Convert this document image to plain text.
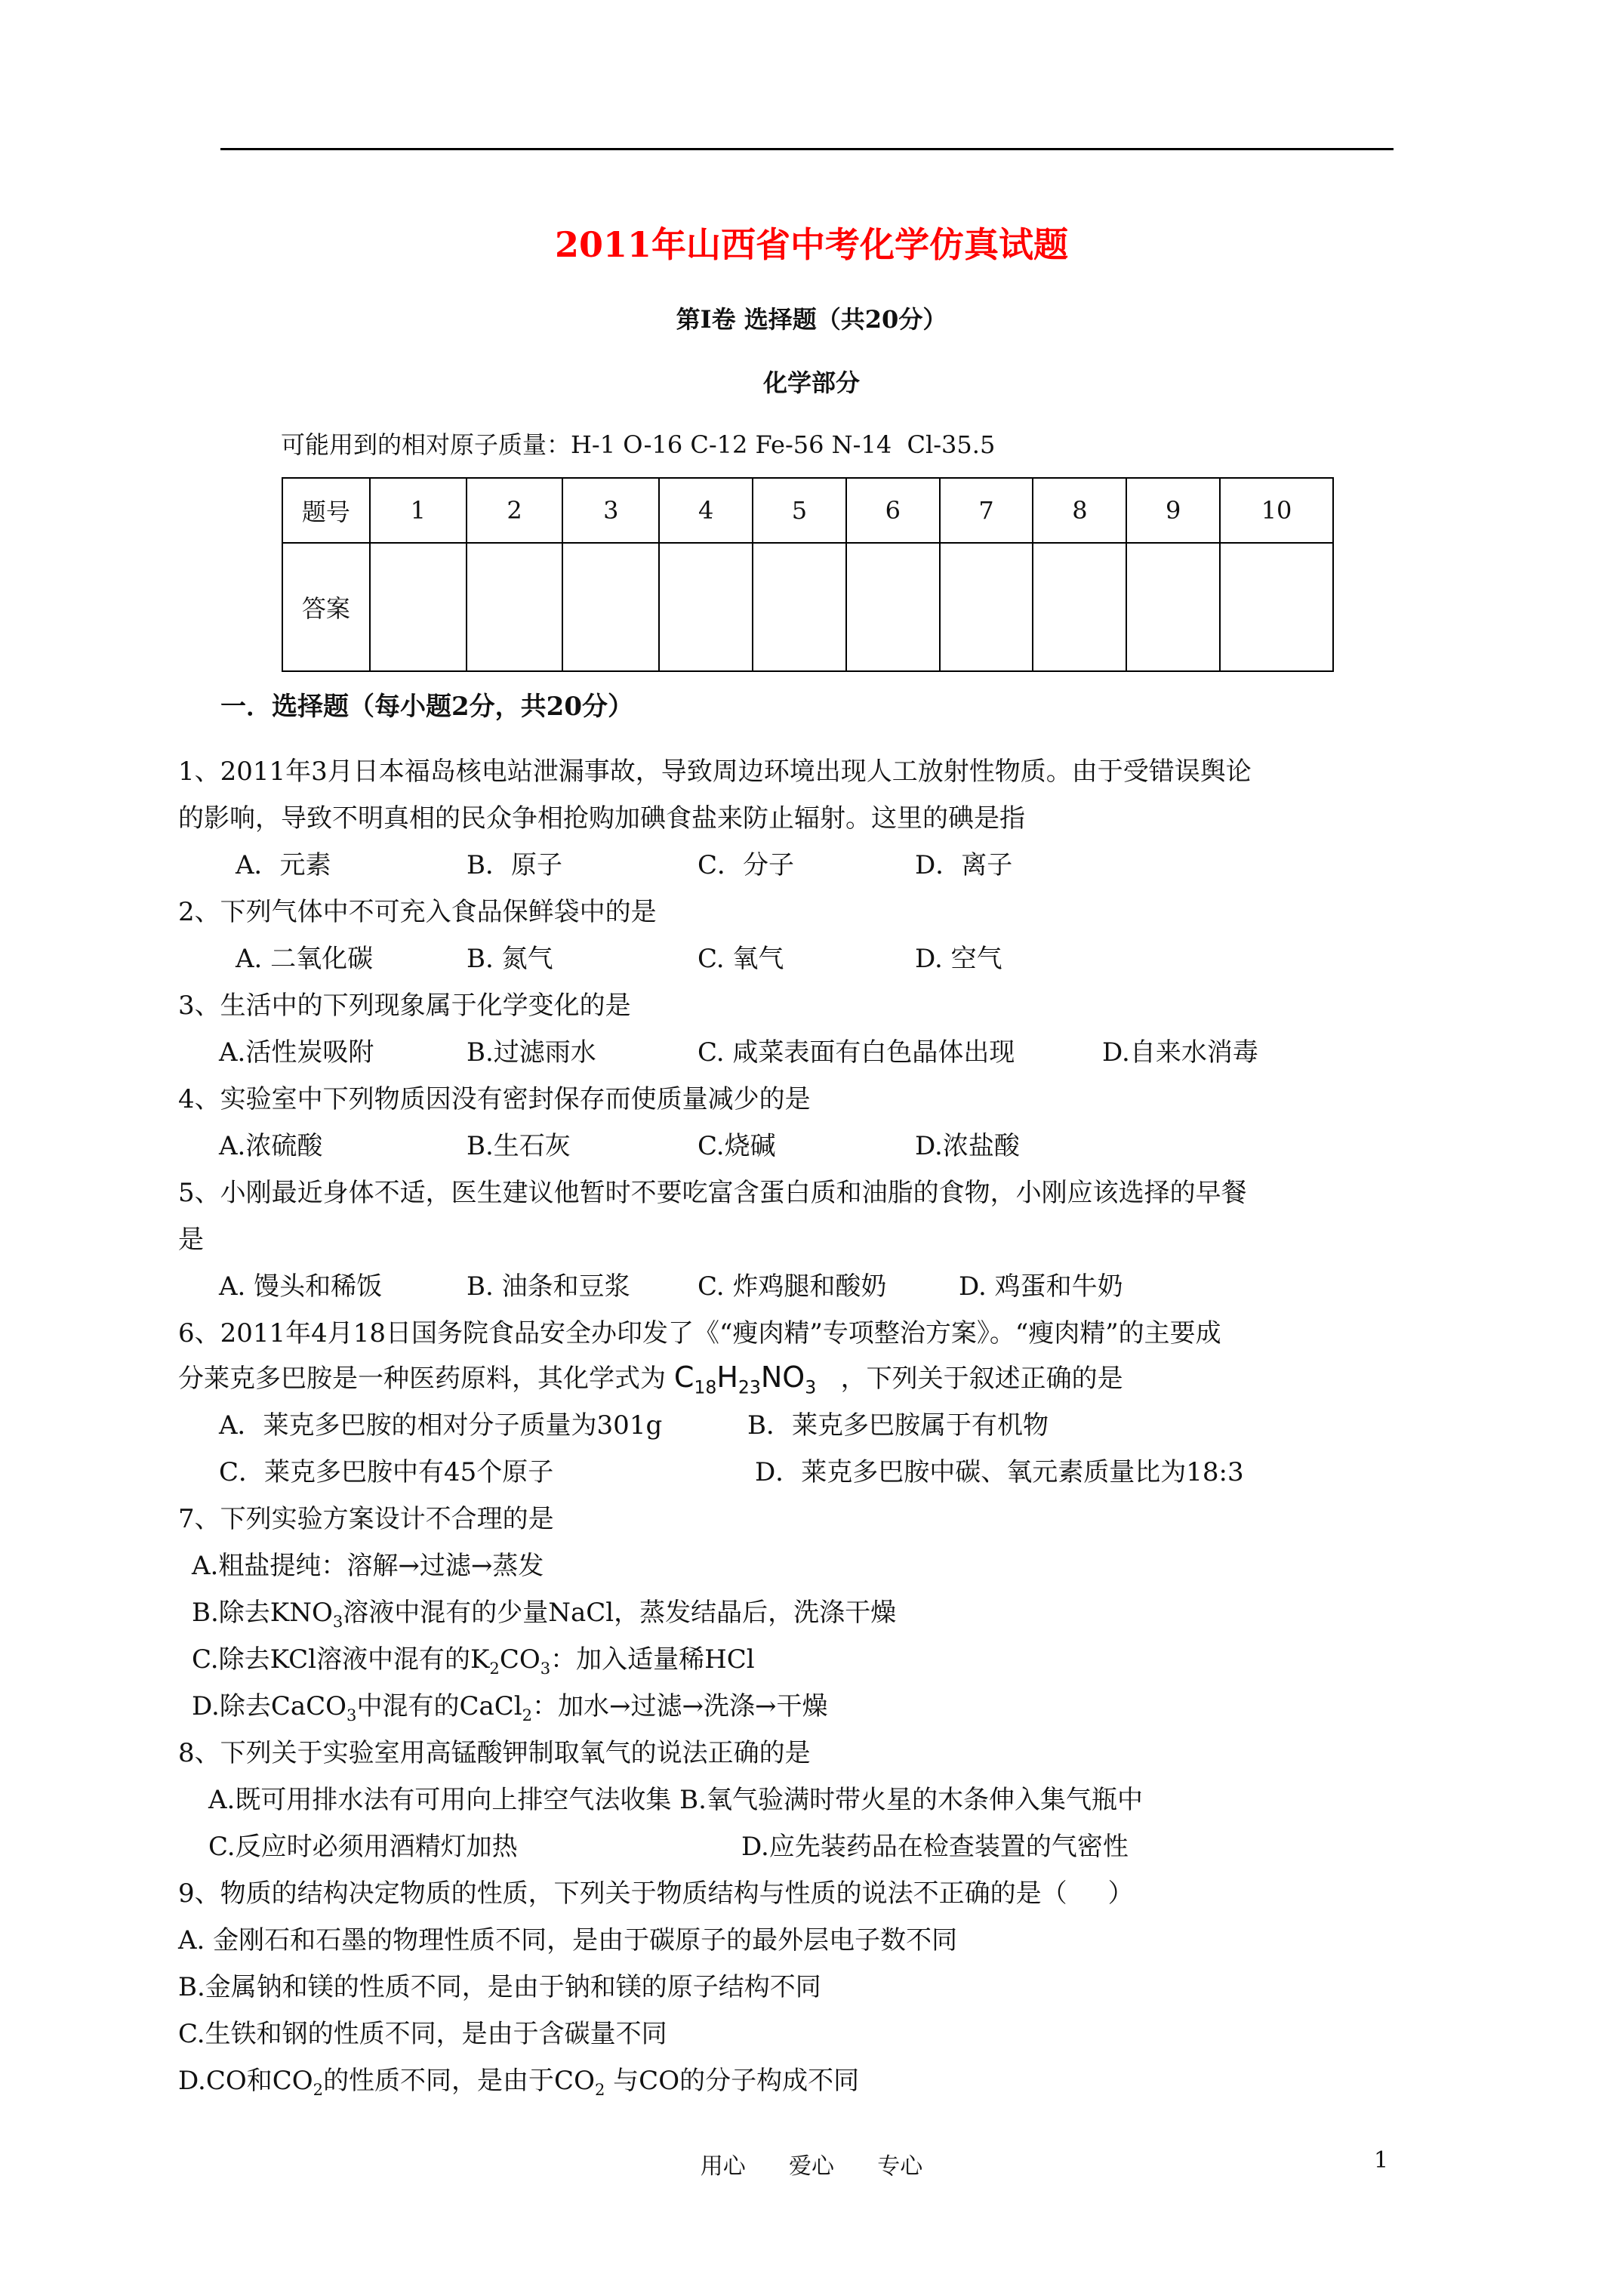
2011年山西省中考化学仿真试题
第Ⅰ卷 选择题（共20分）
化学部分
可能用到的相对原子质量：H-1 O-16 C-12 Fe-56 N-14  Cl-35.5
题号	1	2	3	4	5	6	7	8	9	10
答案										
一．选择题（每小题2分，共20分）
1、2011年3月日本福岛核电站泄漏事故，导致周边环境出现人工放射性物质。由于受错误舆论
的影响，导致不明真相的民众争相抢购加碘食盐来防止辐射。这里的碘是指
A．元素	B．原子	C．分子	D．离子
2、下列气体中不可充入食品保鲜袋中的是
A. 二氧化碳	B. 氮气	C. 氧气	D. 空气
3、生活中的下列现象属于化学变化的是
A.活性炭吸附	B.过滤雨水	C. 咸菜表面有白色晶体出现	D.自来水消毒
4、实验室中下列物质因没有密封保存而使质量减少的是
A.浓硫酸	B.生石灰	C.烧碱	D.浓盐酸
5、小刚最近身体不适，医生建议他暂时不要吃富含蛋白质和油脂的食物，小刚应该选择的早餐
是
A. 馒头和稀饭	B. 油条和豆浆	C. 炸鸡腿和酸奶	D. 鸡蛋和牛奶
6、2011年4月18日国务院食品安全办印发了《“瘦肉精”专项整治方案》。“瘦肉精”的主要成
分莱克多巴胺是一种医药原料，其化学式为 $C_{18}H_{23}NO_3$   ，下列关于叙述正确的是
A．莱克多巴胺的相对分子质量为301g	B．莱克多巴胺属于有机物
C．莱克多巴胺中有45个原子	D．莱克多巴胺中碳、氧元素质量比为18:3
7、下列实验方案设计不合理的是
A.粗盐提纯：溶解→过滤→蒸发
B.除去$KNO_3$溶液中混有的少量NaCl，蒸发结晶后，洗涤干燥
C.除去KCl溶液中混有的$K_2CO_3$：加入适量稀HCl
D.除去CaCO$_3$中混有的CaCl$_2$：加水→过滤→洗涤→干燥
8、下列关于实验室用高锰酸钾制取氧气的说法正确的是
A.既可用排水法有可用向上排空气法收集 B.氧气验满时带火星的木条伸入集气瓶中
C.反应时必须用酒精灯加热	D.应先装药品在检查装置的气密性
9、物质的结构决定物质的性质，下列关于物质结构与性质的说法不正确的是（     ）
A. 金刚石和石墨的物理性质不同，是由于碳原子的最外层电子数不同
B.金属钠和镁的性质不同，是由于钠和镁的原子结构不同
C.生铁和钢的性质不同，是由于含碳量不同
D.CO和$CO_2$的性质不同，是由于$CO_2$ 与CO的分子构成不同
用心      爱心      专心	1
